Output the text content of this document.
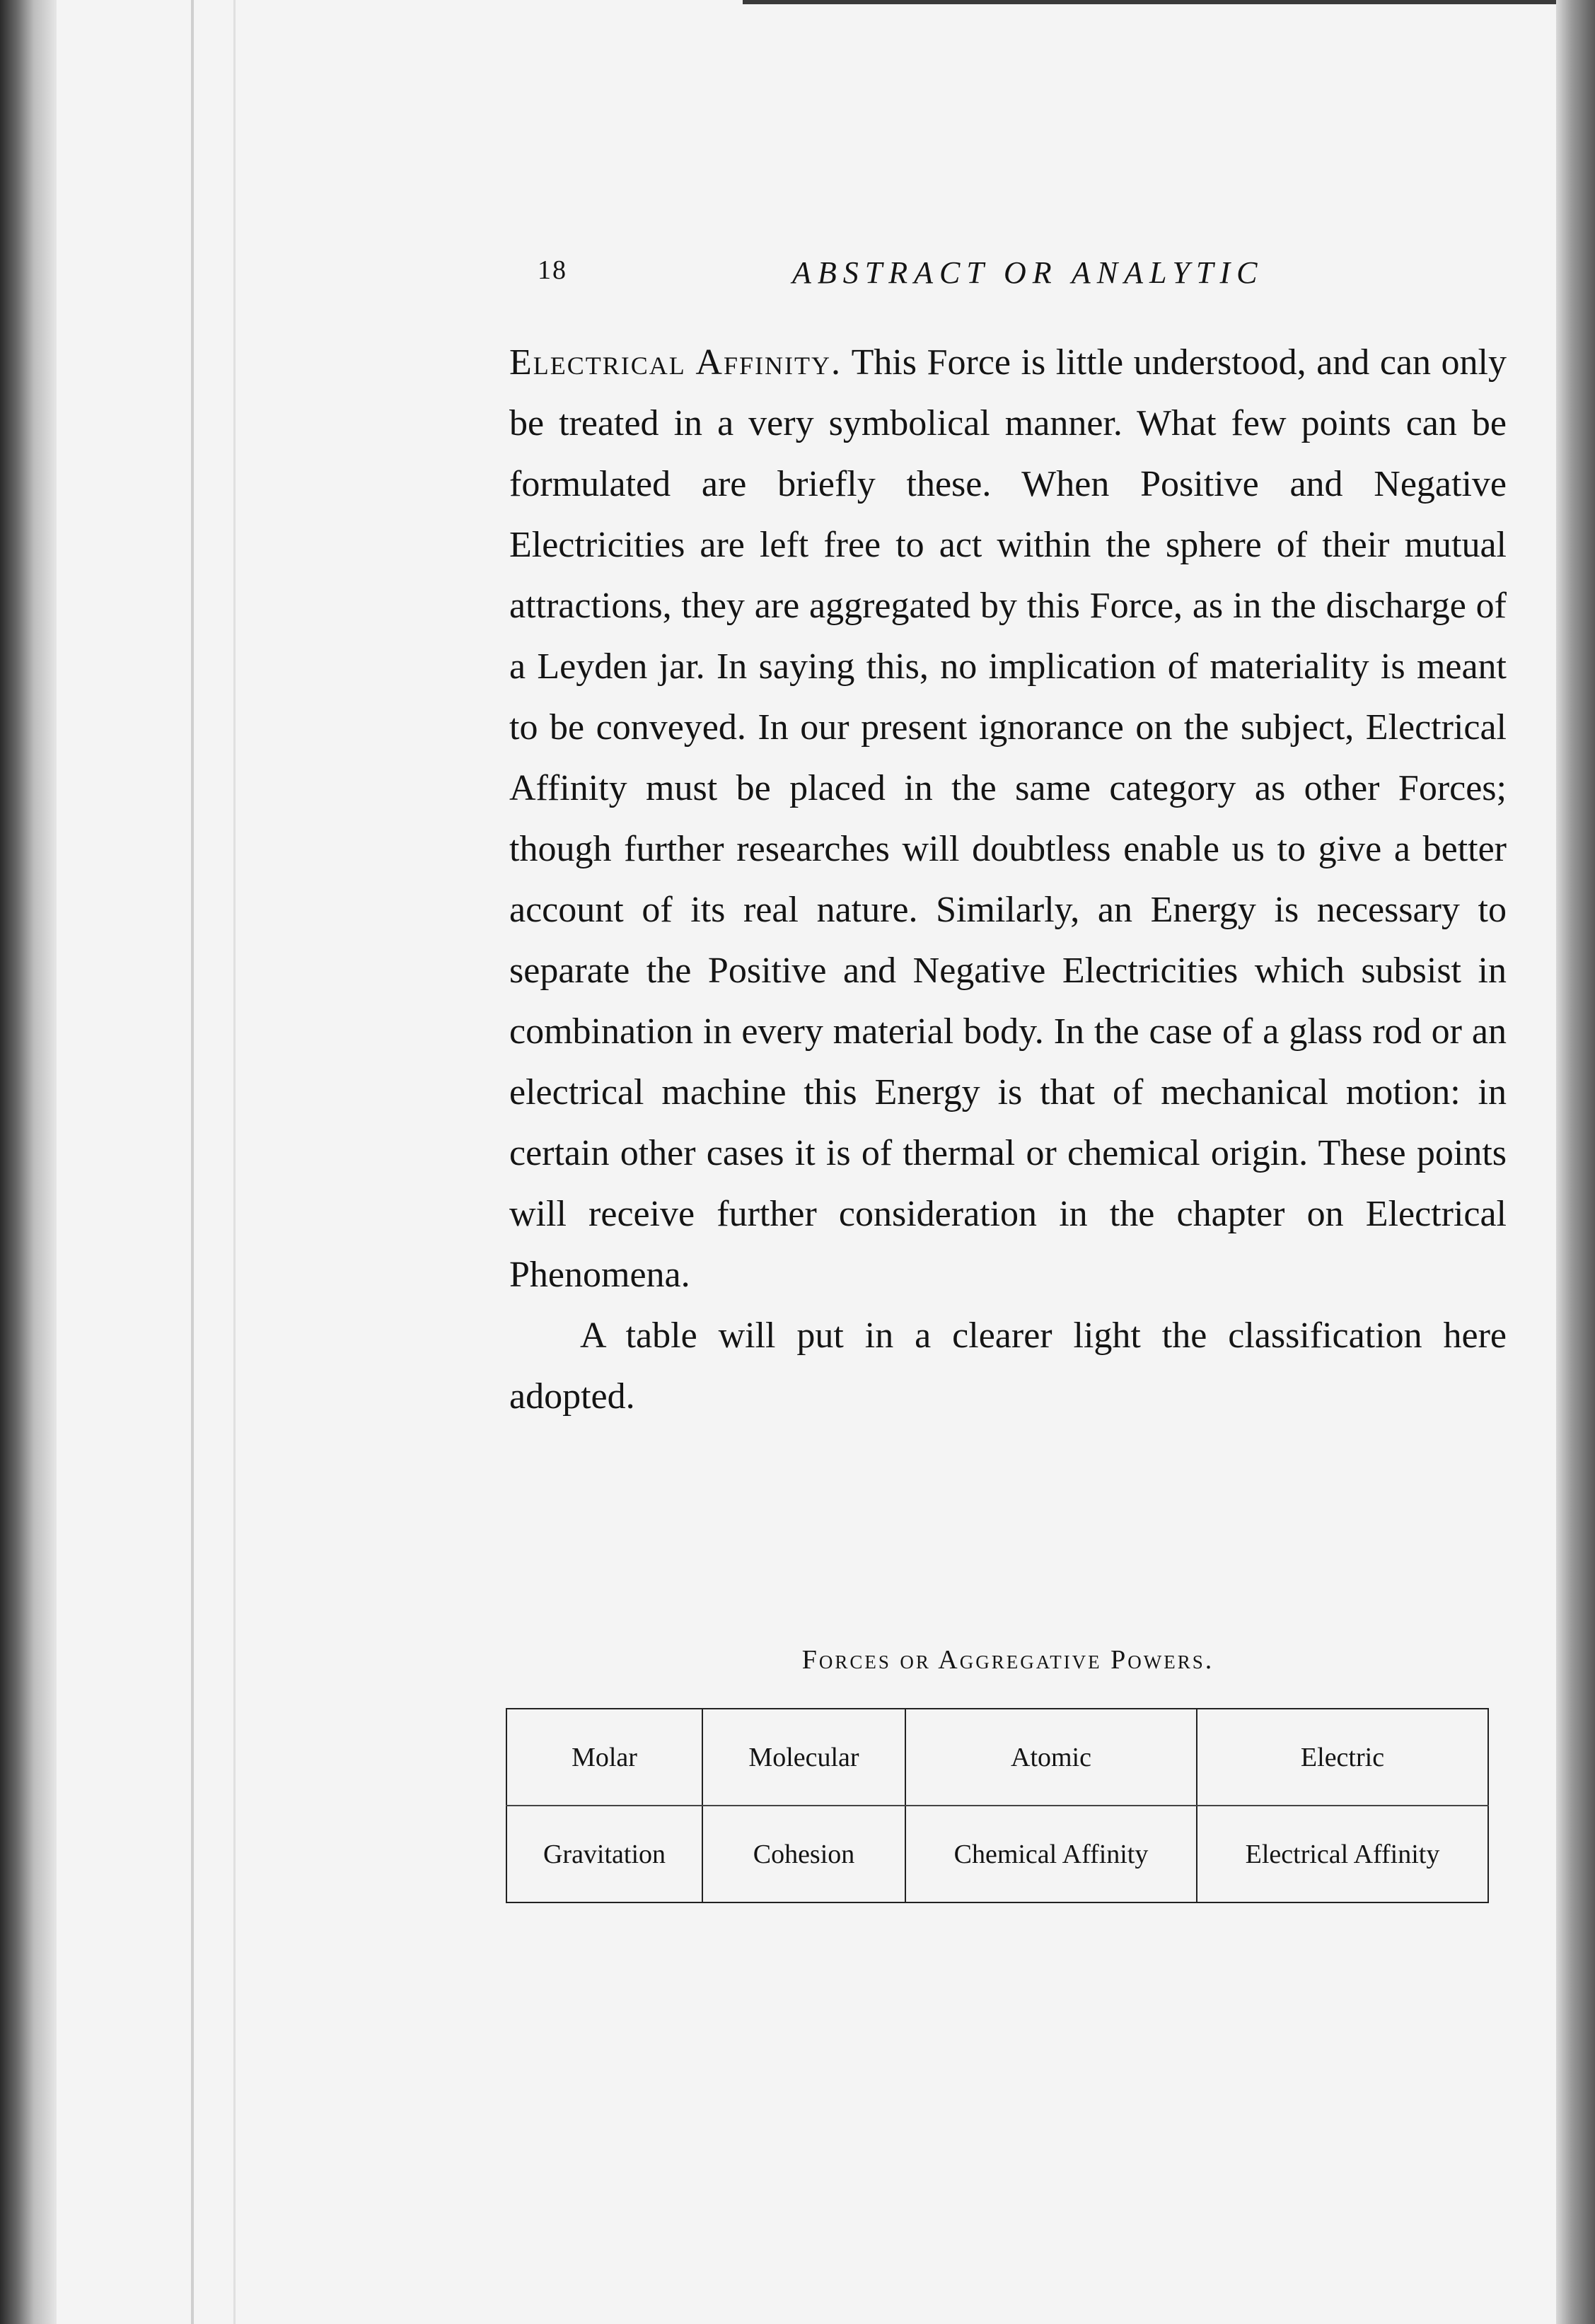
18	ABSTRACT OR ANALYTIC

Electrical Affinity. This Force is little understood, and can only be treated in a very symbolical manner. What few points can be formulated are briefly these. When Positive and Negative Electricities are left free to act within the sphere of their mutual attractions, they are aggregated by this Force, as in the discharge of a Leyden jar. In saying this, no implication of materiality is meant to be conveyed. In our present ignorance on the subject, Electrical Affinity must be placed in the same category as other Forces; though further researches will doubtless enable us to give a better account of its real nature. Similarly, an Energy is necessary to separate the Positive and Negative Electricities which subsist in combination in every material body. In the case of a glass rod or an electrical machine this Energy is that of mechanical motion: in certain other cases it is of thermal or chemical origin. These points will receive further consideration in the chapter on Electrical Phenomena.

A table will put in a clearer light the classification here adopted.

Forces or Aggregative Powers.
Molar	Molecular	Atomic	Electric
Gravitation	Cohesion	Chemical Affinity	Electrical Affinity
